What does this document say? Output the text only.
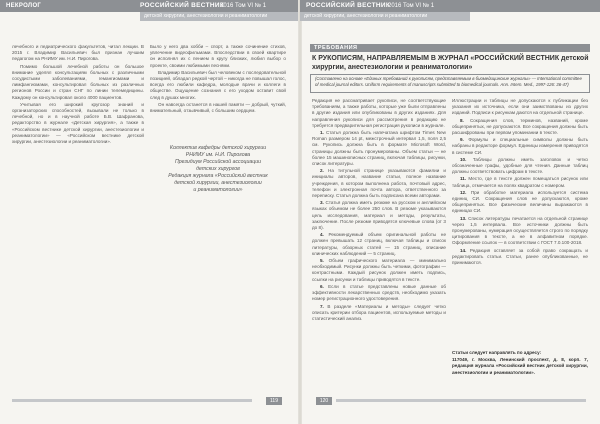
НЕКРОЛОГ	РОССИЙСКИЙ ВЕСТНИК
2016 Том VI № 1
детской хирургии, анестезиологии и реаниматологии

лечебного и педиатрического факультетов, читал лекции. В 2015 г. Владимир Васильевич был признан лучшим педагогом на РНИМУ им. Н.И. Пирогова.

Помимо большой лечебной работы он большое внимание уделял консультациям больных с различными сосудистыми заболеваниями, гемангиомами и лимфангиомами, консультировал больных из различных регионов России и стран СНГ по линии телемедицины. Каждому он консультировал около 4000 пациентов.

Учитывая его широкий кругозор знаний и организаторских способностей, вызывали не только в лечебной, но и в научной работе Б.В. Шафранова, редакторство в журнале «Детская хирургия», а также в «Российском вестнике детской хирургии, анестезиологии и реаниматологии» — «Российском вестнике детской хирургии, анестезиологии и реаниматологии».

Было у него два хобби – спорт, а также сочинение стихов, увлечение видеофильмами. Впоследствии в своей квартире он исполнял их с пением в кругу близких, любил выбор о проекте, своими любимыми песнями.

Владимир Васильевич был человеком с последовательной позицией, обладал редкой чертой – никогда не повышал голос, всегда его любили кафедра, молодые врачи и коллеги в обществе. Ощущение сознания с его уходом оставит свой след в душах многих.

Он навсегда останется в нашей памяти — добрый, чуткий, внимательный, отзывчивый, с большим сердцем.

Коллектив кафедры детской хирургии
РНИМУ им. Н.И. Пирогова
Президиум Российской ассоциации
детских хирургов
Редакция журнала «Российский вестник
детской хирургии, анестезиологии
и реаниматологии»
119
РОССИЙСКИЙ ВЕСТНИК
2016 Том VI № 1
детской хирургии, анестезиологии и реаниматологии
ТРЕБОВАНИЯ
К РУКОПИСЯМ, НАПРАВЛЯЕМЫМ В ЖУРНАЛ «РОССИЙСКИЙ ВЕСТНИК детской хирургии, анестезиологии и реаниматологии»
(Составлено на основе «Единых требований к рукописям, представляемым в биомедицинские журналы» — International committee of medical journal editors. Uniform requirements of manuscripts submitted to biomedical journals. Ann. Intern. Med., 1997-126: 36-47)

Редакция не рассматривает рукописи, не соответствующие требованиям, а также работы, которые уже были отправлены в другие издания или опубликованы в других изданиях. Для направления рукописи для рассмотрения в редакцию не требуется предварительная регистрация рукописи в журнале.

1. Статья должна быть напечатана шрифтом Times New Roman размером 14 pt, межстрочный интервал 1,5, поля 2,5 см. Рукопись должна быть в формате Microsoft Word, страницы должны быть пронумерованы. Объем статьи — не более 15 машинописных страниц, включая таблицы, рисунки, список литературы.

2. На титульной странице указываются фамилии и инициалы авторов, название статьи, полное название учреждения, в котором выполнена работа, почтовый адрес, телефон и электронная почта автора, ответственного за переписку. Статья должна быть подписана всеми авторами.

3. Статья должна иметь резюме на русском и английском языках объемом не более 250 слов. В резюме указываются цель исследования, материал и методы, результаты, заключение. После резюме приводятся ключевые слова (от 3 до 8).

4. Рекомендуемый объем оригинальной работы не должен превышать 12 страниц, включая таблицы и список литературы, обзорных статей — 15 страниц, описание клинических наблюдений — 5 страниц.

5. Объем графического материала — минимально необходимый. Рисунки должны быть четкими, фотографии — контрастными. Каждый рисунок должен иметь подпись, ссылки на рисунки и таблицы приводятся в тексте.

6. Если в статье представлены новые данные об эффективности лекарственных средств, необходимо указать номер регистрационного удостоверения.

7. В разделе «Материалы и методы» следует четко описать критерии отбора пациентов, используемые методы и статистический анализ.

Иллюстрации и таблицы не допускаются к публикации без указания их источника, если они заимствованы из других изданий. Подписи к рисункам даются на отдельной странице.

8. Сокращения слов, терминов, названий, кроме общепринятых, не допускаются. Все сокращения должны быть расшифрованы при первом упоминании в тексте.

9. Формулы и специальные символы должны быть набраны в редакторе формул. Единицы измерения приводятся в системе СИ.

10. Таблицы должны иметь заголовок и четко обозначенные графы, удобные для чтения. Данные таблиц должны соответствовать цифрам в тексте.

11. Место, где в тексте должен помещаться рисунок или таблица, отмечается на полях квадратом с номером.

12. При обработке материала используется система единиц СИ. Сокращения слов не допускаются, кроме общепринятых. Все физические величины выражаются в единицах СИ.

13. Список литературы печатается на отдельной странице через 1,5 интервала. Все источники должны быть пронумерованы, нумерация осуществляется строго по порядку цитирования в тексте, а не в алфавитном порядке. Оформление ссылок — в соответствии с ГОСТ 7.0.100-2018.

14. Редакция оставляет за собой право сокращать и редактировать статьи. Статьи, ранее опубликованные, не принимаются.

Статьи следует направлять по адресу:

117049, г. Москва, Ленинский проспект, д. 8, корп. 7, редакция журнала «Российский вестник детской хирургии, анестезиологии и реаниматологии».

120
